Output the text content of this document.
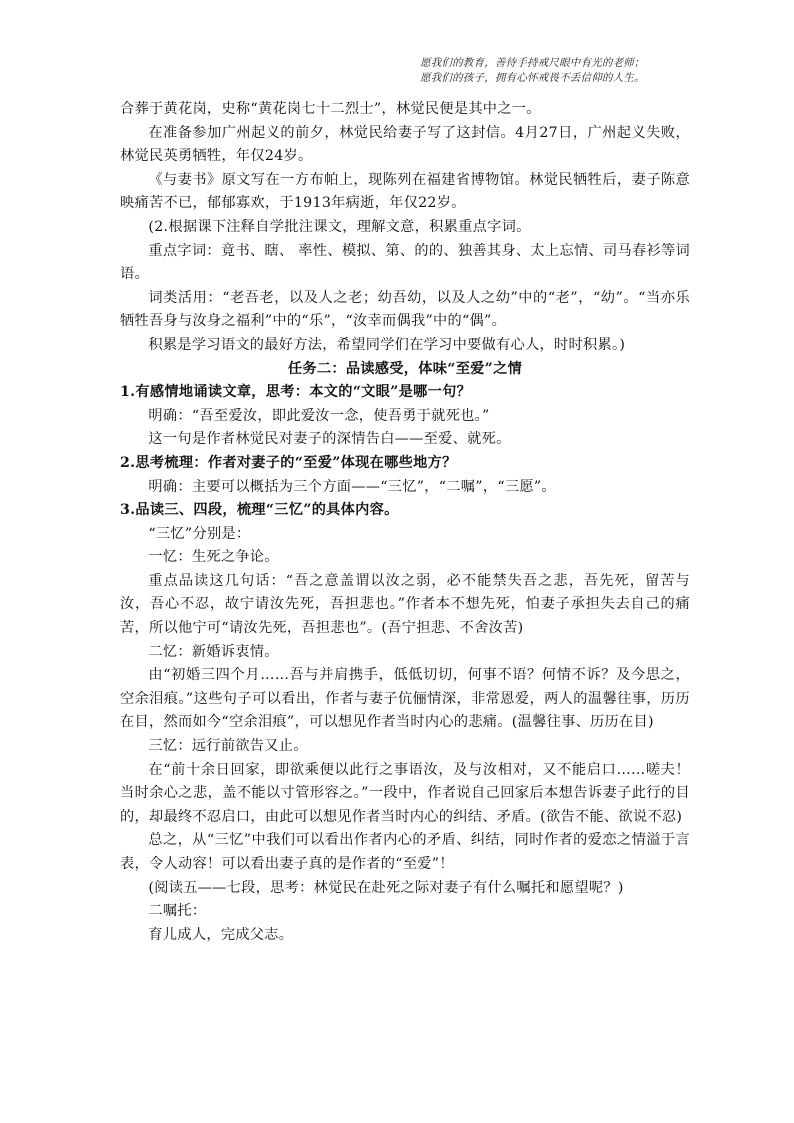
愿我们的教育，善待手持戒尺眼中有光的老师；
愿我们的孩子，拥有心怀戒畏不丢信仰的人生。

合葬于黄花岗，史称“黄花岗七十二烈士”，林觉民便是其中之一。

在准备参加广州起义的前夕，林觉民给妻子写了这封信。4月27日，广州起义失败，林觉民英勇牺牲，年仅24岁。

《与妻书》原文写在一方布帕上，现陈列在福建省博物馆。林觉民牺牲后，妻子陈意映痛苦不已，郁郁寡欢，于1913年病逝，年仅22岁。

(2.根据课下注释自学批注课文，理解文意，积累重点字词。

重点字词：竟书、瞎、 率性、模拟、第、的的、独善其身、太上忘情、司马春衫等词语。

词类活用：“老吾老，以及人之老；幼吾幼，以及人之幼”中的“老”，“幼”。“当亦乐牺牲吾身与汝身之福利”中的“乐”，“汝幸而偶我”中的“偶”。

积累是学习语文的最好方法，希望同学们在学习中要做有心人，时时积累。)

任务二：品读感受，体味“至爱”之情

1.有感情地诵读文章，思考：本文的“文眼”是哪一句？

明确：“吾至爱汝，即此爱汝一念，使吾勇于就死也。”

这一句是作者林觉民对妻子的深情告白——至爱、就死。

2.思考梳理：作者对妻子的“至爱”体现在哪些地方？

明确：主要可以概括为三个方面——“三忆”，“二嘱”，“三愿”。

3.品读三、四段，梳理“三忆”的具体内容。

“三忆”分别是：

一忆：生死之争论。

重点品读这几句话：“吾之意盖谓以汝之弱，必不能禁失吾之悲，吾先死，留苦与汝，吾心不忍，故宁请汝先死，吾担悲也。”作者本不想先死，怕妻子承担失去自己的痛苦，所以他宁可“请汝先死，吾担悲也”。(吾宁担悲、不舍汝苦)

二忆：新婚诉衷情。

由“初婚三四个月……吾与并肩携手，低低切切，何事不语？何情不诉？及今思之，空余泪痕。”这些句子可以看出，作者与妻子伉俪情深，非常恩爱，两人的温馨往事，历历在目，然而如今“空余泪痕”，可以想见作者当时内心的悲痛。(温馨往事、历历在目)

三忆：远行前欲告又止。

在“前十余日回家，即欲乘便以此行之事语汝，及与汝相对，又不能启口……嗟夫！当时余心之悲，盖不能以寸管形容之。”一段中，作者说自己回家后本想告诉妻子此行的目的，却最终不忍启口，由此可以想见作者当时内心的纠结、矛盾。(欲告不能、欲说不忍)

总之，从“三忆”中我们可以看出作者内心的矛盾、纠结，同时作者的爱恋之情溢于言表，令人动容！可以看出妻子真的是作者的“至爱”！

(阅读五——七段，思考：林觉民在赴死之际对妻子有什么嘱托和愿望呢？)

二嘱托：

育儿成人，完成父志。
